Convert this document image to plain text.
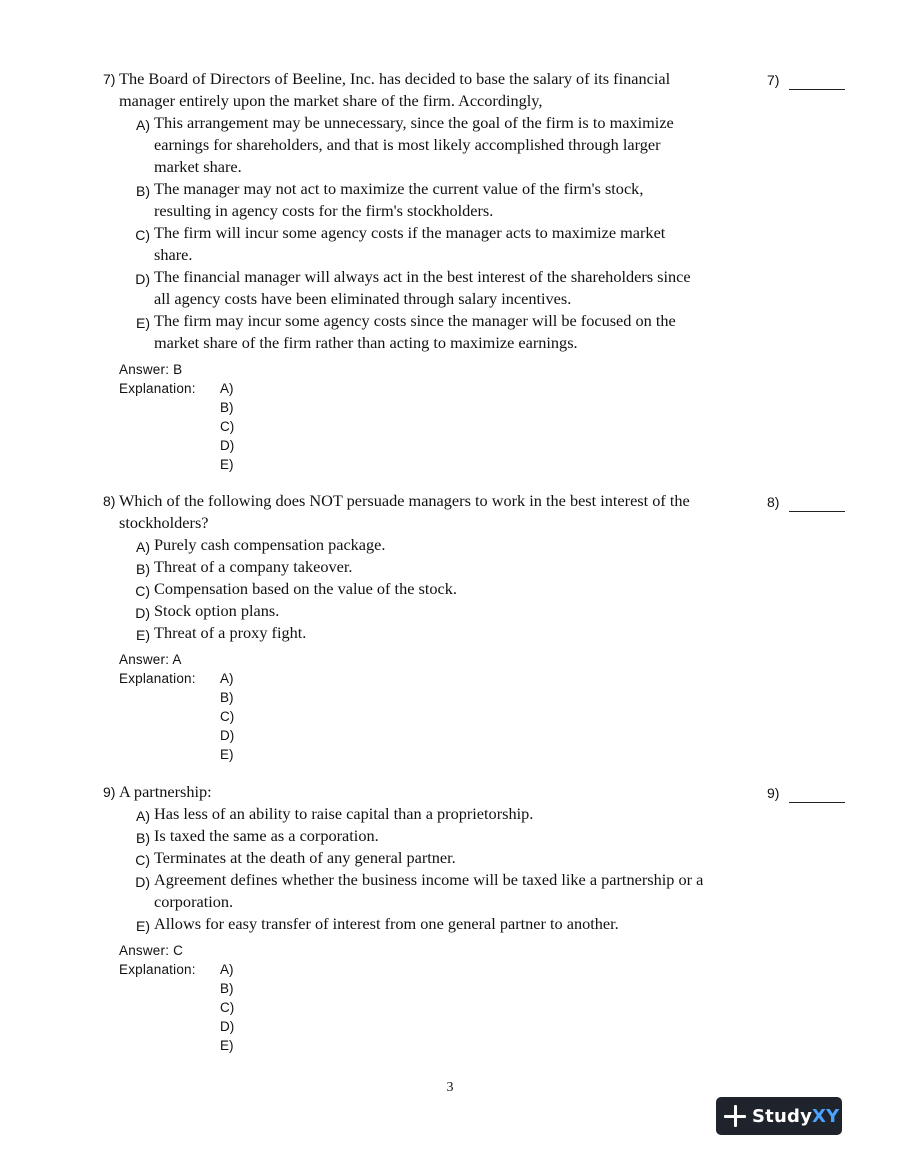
7) The Board of Directors of Beeline, Inc. has decided to base the salary of its financial
manager entirely upon the market share of the firm. Accordingly,
A) This arrangement may be unnecessary, since the goal of the firm is to maximize
earnings for shareholders, and that is most likely accomplished through larger
market share.
B) The manager may not act to maximize the current value of the firm's stock,
resulting in agency costs for the firm's stockholders.
C) The firm will incur some agency costs if the manager acts to maximize market
share.
D) The financial manager will always act in the best interest of the shareholders since
all agency costs have been eliminated through salary incentives.
E) The firm may incur some agency costs since the manager will be focused on the
market share of the firm rather than acting to maximize earnings.
Answer: B
Explanation: A)
B)
C)
D)
E)
7)
8) Which of the following does NOT persuade managers to work in the best interest of the
stockholders?
A) Purely cash compensation package.
B) Threat of a company takeover.
C) Compensation based on the value of the stock.
D) Stock option plans.
E) Threat of a proxy fight.
Answer: A
Explanation: A)
B)
C)
D)
E)
8)
9) A partnership:
A) Has less of an ability to raise capital than a proprietorship.
B) Is taxed the same as a corporation.
C) Terminates at the death of any general partner.
D) Agreement defines whether the business income will be taxed like a partnership or a
corporation.
E) Allows for easy transfer of interest from one general partner to another.
Answer: C
Explanation: A)
B)
C)
D)
E)
9)
3
StudyXY
